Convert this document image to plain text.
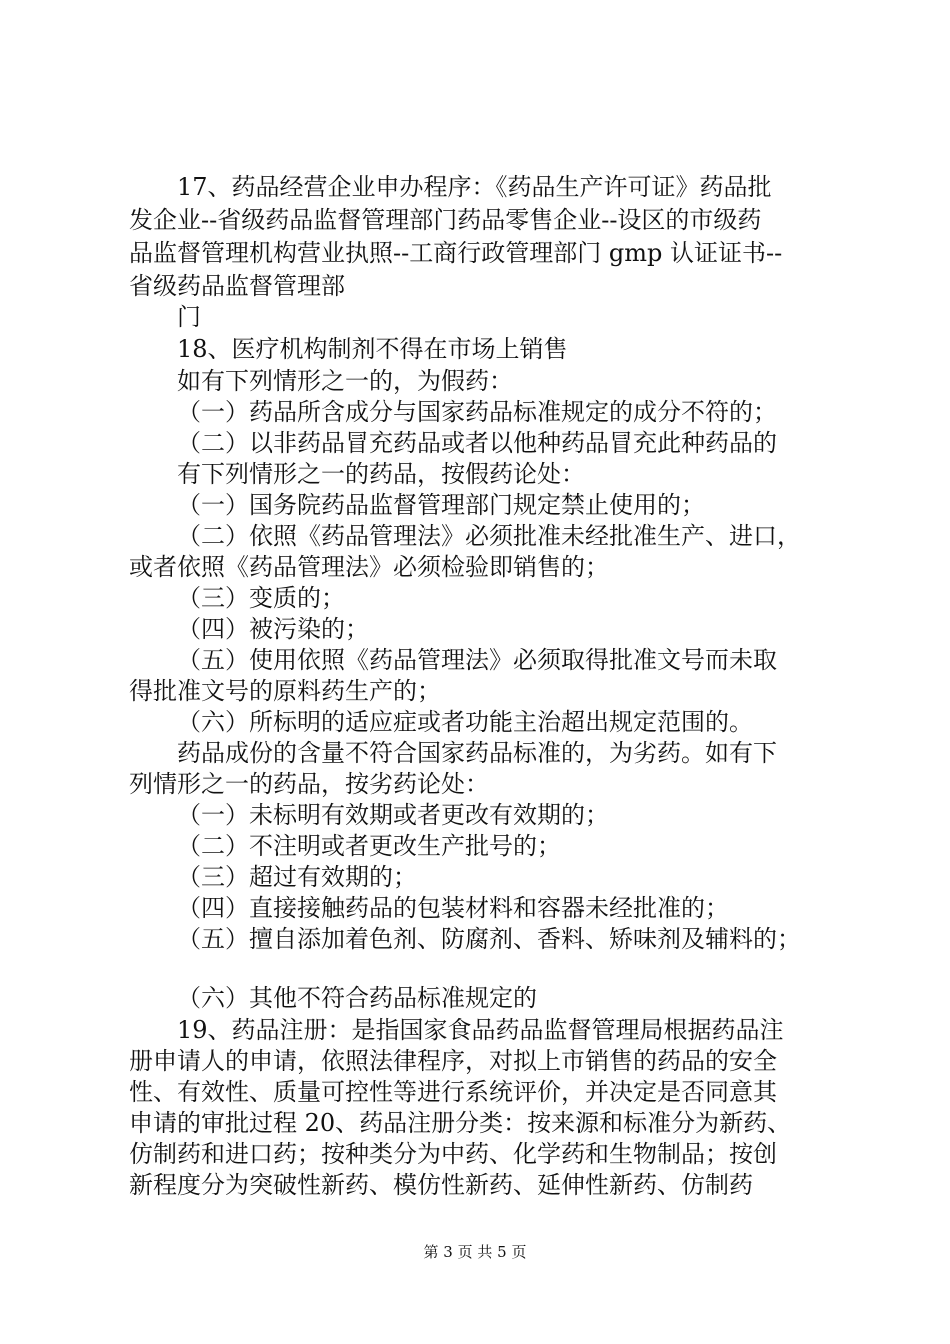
17、药品经营企业申办程序：《药品生产许可证》药品批
发企业--省级药品监督管理部门药品零售企业--设区的市级药
品监督管理机构营业执照--工商行政管理部门 gmp 认证证书--
省级药品监督管理部
门
18、医疗机构制剂不得在市场上销售
如有下列情形之一的，为假药：
（一）药品所含成分与国家药品标准规定的成分不符的；
（二）以非药品冒充药品或者以他种药品冒充此种药品的
有下列情形之一的药品，按假药论处：
（一）国务院药品监督管理部门规定禁止使用的；
（二）依照《药品管理法》必须批准未经批准生产、进口，
或者依照《药品管理法》必须检验即销售的；
（三）变质的；
（四）被污染的；
（五）使用依照《药品管理法》必须取得批准文号而未取
得批准文号的原料药生产的；
（六）所标明的适应症或者功能主治超出规定范围的。
药品成份的含量不符合国家药品标准的，为劣药。如有下
列情形之一的药品，按劣药论处：
（一）未标明有效期或者更改有效期的；
（二）不注明或者更改生产批号的；
（三）超过有效期的；
（四）直接接触药品的包装材料和容器未经批准的；
（五）擅自添加着色剂、防腐剂、香料、矫味剂及辅料的；
（六）其他不符合药品标准规定的
19、药品注册：是指国家食品药品监督管理局根据药品注
册申请人的申请，依照法律程序，对拟上市销售的药品的安全
性、有效性、质量可控性等进行系统评价，并决定是否同意其
申请的审批过程 20、药品注册分类：按来源和标准分为新药、
仿制药和进口药；按种类分为中药、化学药和生物制品；按创
新程度分为突破性新药、模仿性新药、延伸性新药、仿制药
第 3 页 共 5 页
